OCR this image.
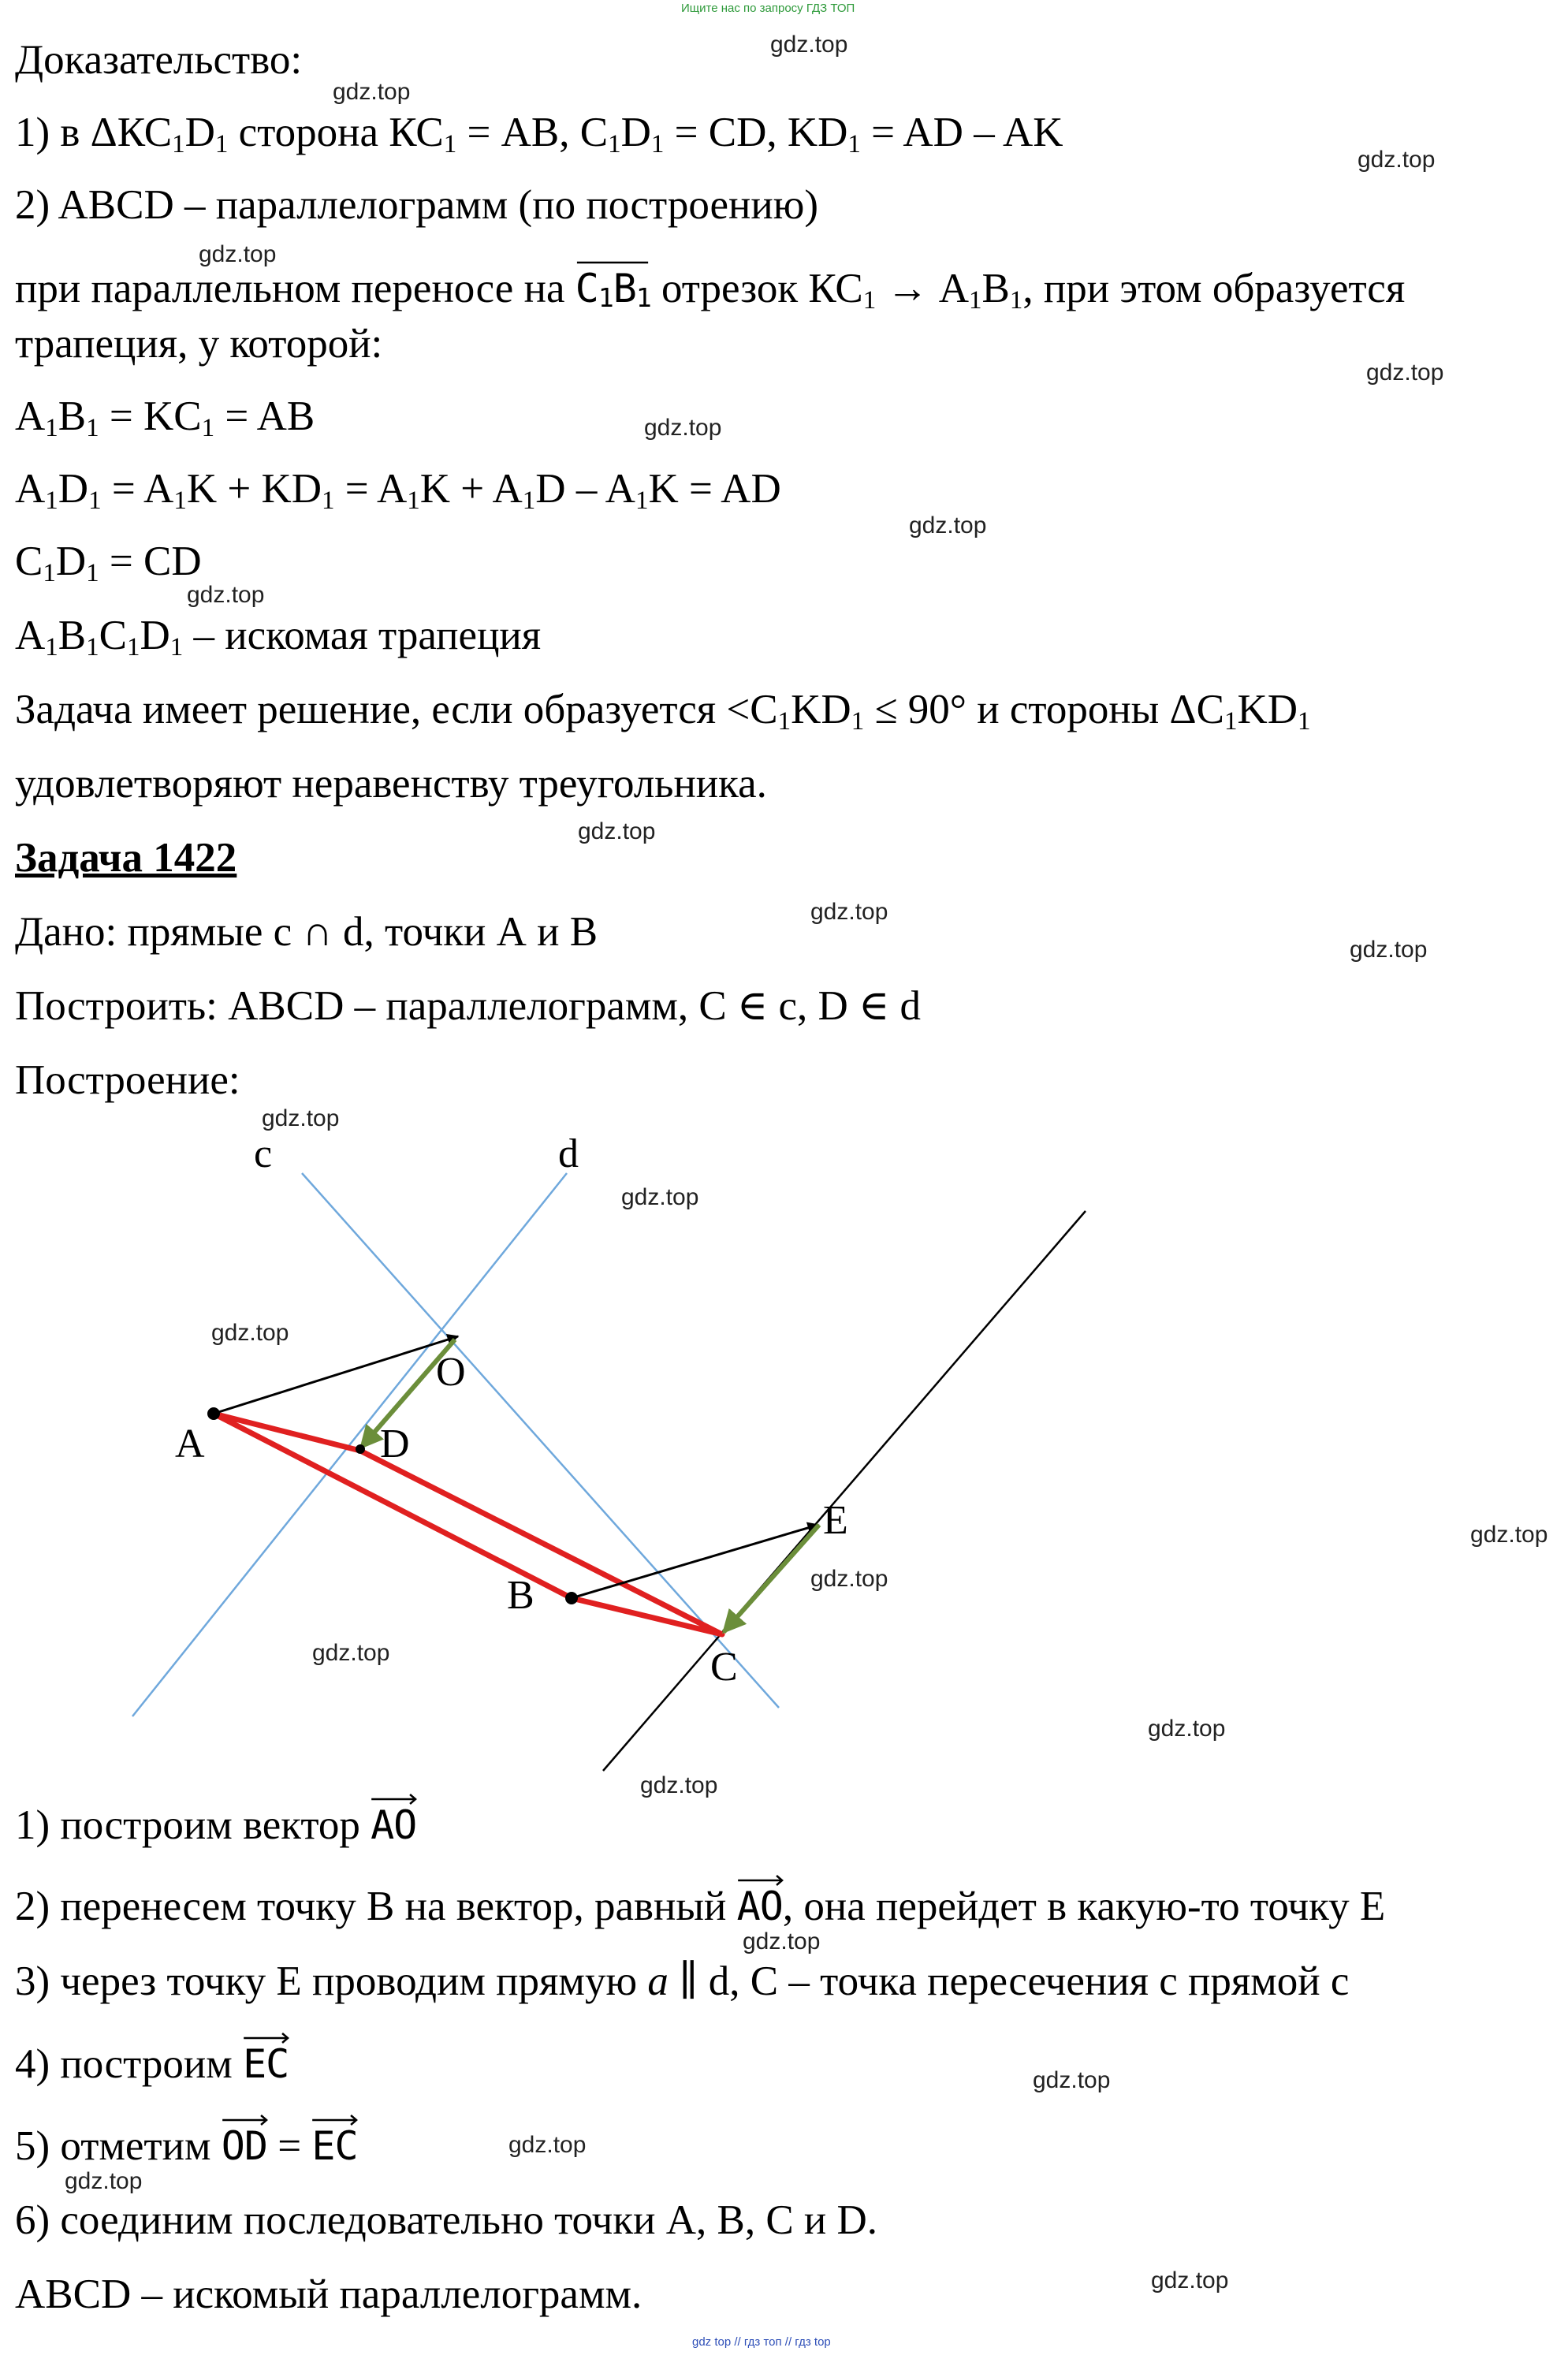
Ищите нас по запросу ГДЗ ТОП
Доказательство:
1) в $\Delta КС_1D_1$ сторона $КС_1$ = АВ, $С_1D_1$ = CD, $KD_1$ = AD – AK
2) ABCD – параллелограмм (по построению)
при параллельном переносе на
$C_1B_1$ отрезок $КС_1 \to A_1B_1$, при этом образуется
трапеция, у которой:
$A_1B_1 = KC_1$ = AB
$A_1D_1 = A_1K + KD_1 = A_1K + A_1D - A_1K$ = AD
$C_1D_1$ = CD
$A_1B_1C_1D_1$ – искомая трапеция
Задача имеет решение, если образуется $<C_1KD_1 \le 90^\circ$ и стороны $\Delta C_1KD_1$
удовлетворяют неравенству треугольника.
Задача 1422
Дано: прямые c ∩ d, точки А и В
Построить: ABCD – параллелограмм, C ∈ c, D ∈ d
Построение:
c	d
O
A	D
E
B
C
1) построим вектор
AO
2) перенесем точку В на вектор, равный
AO, она перейдет в какую-то точку Е
3) через точку Е проводим прямую a ∥ d, C – точка пересечения с прямой с
4) построим
EC
5) отметим
OD =
EC
6) соединим последовательно точки A, B, C и D.
ABCD – искомый параллелограмм.
gdz.top
gdz.top
gdz.top
gdz.top
gdz.top
gdz.top
gdz.top
gdz.top
gdz.top
gdz.top
gdz.top
gdz.top
gdz.top
gdz.top
gdz.top
gdz.top
gdz.top
gdz.top
gdz.top
gdz.top
gdz.top
gdz.top
gdz.top
gdz.top
gdz top // гдз топ // гдз top
